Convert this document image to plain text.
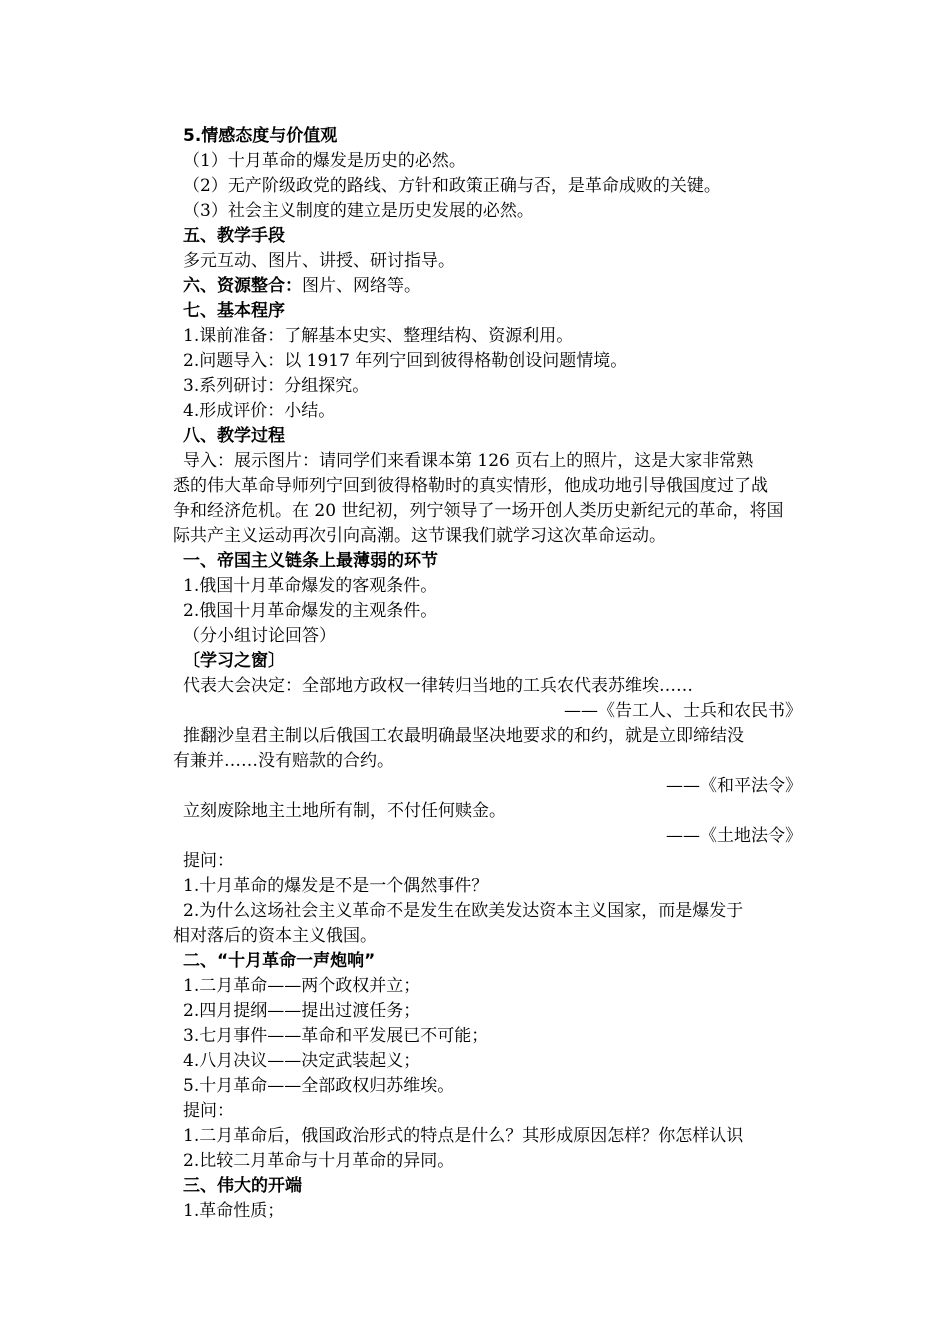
5.情感态度与价值观
（1）十月革命的爆发是历史的必然。
（2）无产阶级政党的路线、方针和政策正确与否，是革命成败的关键。
（3）社会主义制度的建立是历史发展的必然。
五、教学手段
多元互动、图片、讲授、研讨指导。
六、资源整合：图片、网络等。
七、基本程序
1.课前准备：了解基本史实、整理结构、资源利用。
2.问题导入：以 1917 年列宁回到彼得格勒创设问题情境。
3.系列研讨：分组探究。
4.形成评价：小结。
八、教学过程
导入：展示图片：请同学们来看课本第 126 页右上的照片，这是大家非常熟
悉的伟大革命导师列宁回到彼得格勒时的真实情形，他成功地引导俄国度过了战
争和经济危机。在 20 世纪初，列宁领导了一场开创人类历史新纪元的革命，将国
际共产主义运动再次引向高潮。这节课我们就学习这次革命运动。
一、帝国主义链条上最薄弱的环节
1.俄国十月革命爆发的客观条件。
2.俄国十月革命爆发的主观条件。
（分小组讨论回答）
〔学习之窗〕
代表大会决定：全部地方政权一律转归当地的工兵农代表苏维埃……
——《告工人、士兵和农民书》
推翻沙皇君主制以后俄国工农最明确最坚决地要求的和约，就是立即缔结没
有兼并……没有赔款的合约。
——《和平法令》
立刻废除地主土地所有制，不付任何赎金。
——《土地法令》
提问：
1.十月革命的爆发是不是一个偶然事件？
2.为什么这场社会主义革命不是发生在欧美发达资本主义国家，而是爆发于
相对落后的资本主义俄国。
二、“十月革命一声炮响”
1.二月革命——两个政权并立；
2.四月提纲——提出过渡任务；
3.七月事件——革命和平发展已不可能；
4.八月决议——决定武装起义；
5.十月革命——全部政权归苏维埃。
提问：
1.二月革命后，俄国政治形式的特点是什么？其形成原因怎样？你怎样认识
2.比较二月革命与十月革命的异同。
三、伟大的开端
1.革命性质；
